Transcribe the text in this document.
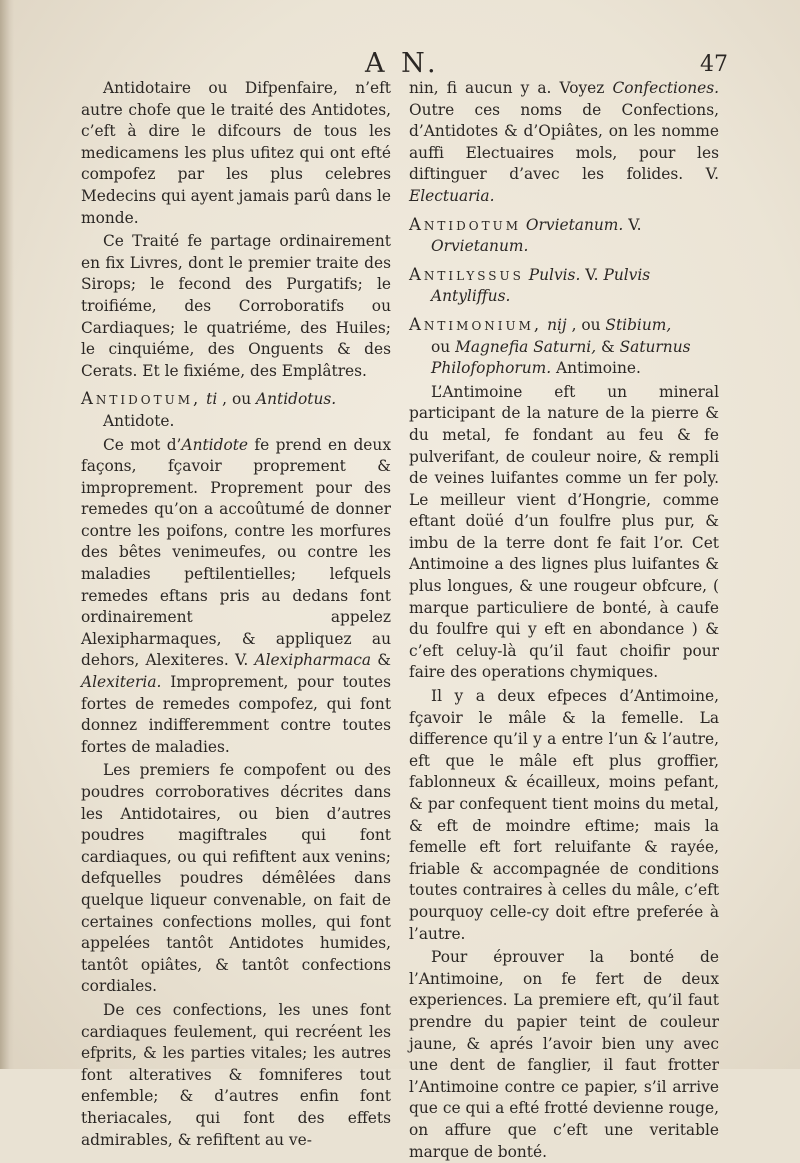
A N.	47

Antidotaire ou Difpenfaire, n’eft autre chofe que le traité des Antidotes, c’eft à dire le difcours de tous les medicamens les plus ufitez qui ont efté compofez par les plus celebres Medecins qui ayent jamais parû dans le monde.

Ce Traité fe partage ordinairement en fix Livres, dont le premier traite des Sirops; le fecond des Purgatifs; le troifiéme, des Corroboratifs ou Cardiaques; le quatriéme, des Huiles; le cinquiéme, des Onguents & des Cerats. Et le fixiéme, des Emplâtres.

Antidotum, ti , ou Antidotus.
Antidote.

Ce mot d’Antidote fe prend en deux façons, fçavoir proprement & improprement. Proprement pour des remedes qu’on a accoûtumé de donner contre les poifons, contre les morfures des bêtes venimeufes, ou contre les maladies peftilentielles; lefquels remedes eftans pris au dedans font ordinairement appelez Alexipharmaques, & appliquez au dehors, Alexiteres. V. Alexipharmaca & Alexiteria. Improprement, pour toutes fortes de remedes compofez, qui font donnez indifferemment contre toutes fortes de maladies.

Les premiers fe compofent ou des poudres corroboratives décrites dans les Antidotaires, ou bien d’autres poudres magiftrales qui font cardiaques, ou qui refiftent aux venins; defquelles poudres démêlées dans quelque liqueur convenable, on fait de certaines confections molles, qui font appelées tantôt Antidotes humides, tantôt opiâtes, & tantôt confections cordiales.

De ces confections, les unes font cardiaques feulement, qui recréent les efprits, & les parties vitales; les autres font alteratives & fomniferes tout enfemble; & d’autres enfin font theriacales, qui font des effets admirables, & refiftent au ve-

nin, fi aucun y a. Voyez Confectiones. Outre ces noms de Confections, d’Antidotes & d’Opiâtes, on les nomme auffi Electuaires mols, pour les diftinguer d’avec les folides. V. Electuaria.

Antidotum Orvietanum. V.
Orvietanum.
Antilyssus Pulvis. V. Pulvis
Antyliffus.
Antimonium, nij , ou Stibium,
ou Magnefia Saturni, & Saturnus
Philofophorum. Antimoine.

L’Antimoine eft un mineral participant de la nature de la pierre & du metal, fe fondant au feu & fe pulverifant, de couleur noire, & rempli de veines luifantes comme un fer poly. Le meilleur vient d’Hongrie, comme eftant doüé d’un foulfre plus pur, & imbu de la terre dont fe fait l’or. Cet Antimoine a des lignes plus luifantes & plus longues, & une rougeur obfcure, ( marque particuliere de bonté, à caufe du foulfre qui y eft en abondance ) & c’eft celuy-là qu’il faut choifir pour faire des operations chymiques.

Il y a deux efpeces d’Antimoine, fçavoir le mâle & la femelle. La difference qu’il y a entre l’un & l’autre, eft que le mâle eft plus groffier, fablonneux & écailleux, moins pefant, & par confequent tient moins du metal, & eft de moindre eftime; mais la femelle eft fort reluifante & rayée, friable & accompagnée de conditions toutes contraires à celles du mâle, c’eft pourquoy celle-cy doit eftre preferée à l’autre.

Pour éprouver la bonté de l’Antimoine, on fe fert de deux experiences. La premiere eft, qu’il faut prendre du papier teint de couleur jaune, & aprés l’avoir bien uny avec une dent de fanglier, il faut frotter l’Antimoine contre ce papier, s’il arrive que ce qui a efté frotté devienne rouge, on affure que c’eft une veritable marque de bonté.
